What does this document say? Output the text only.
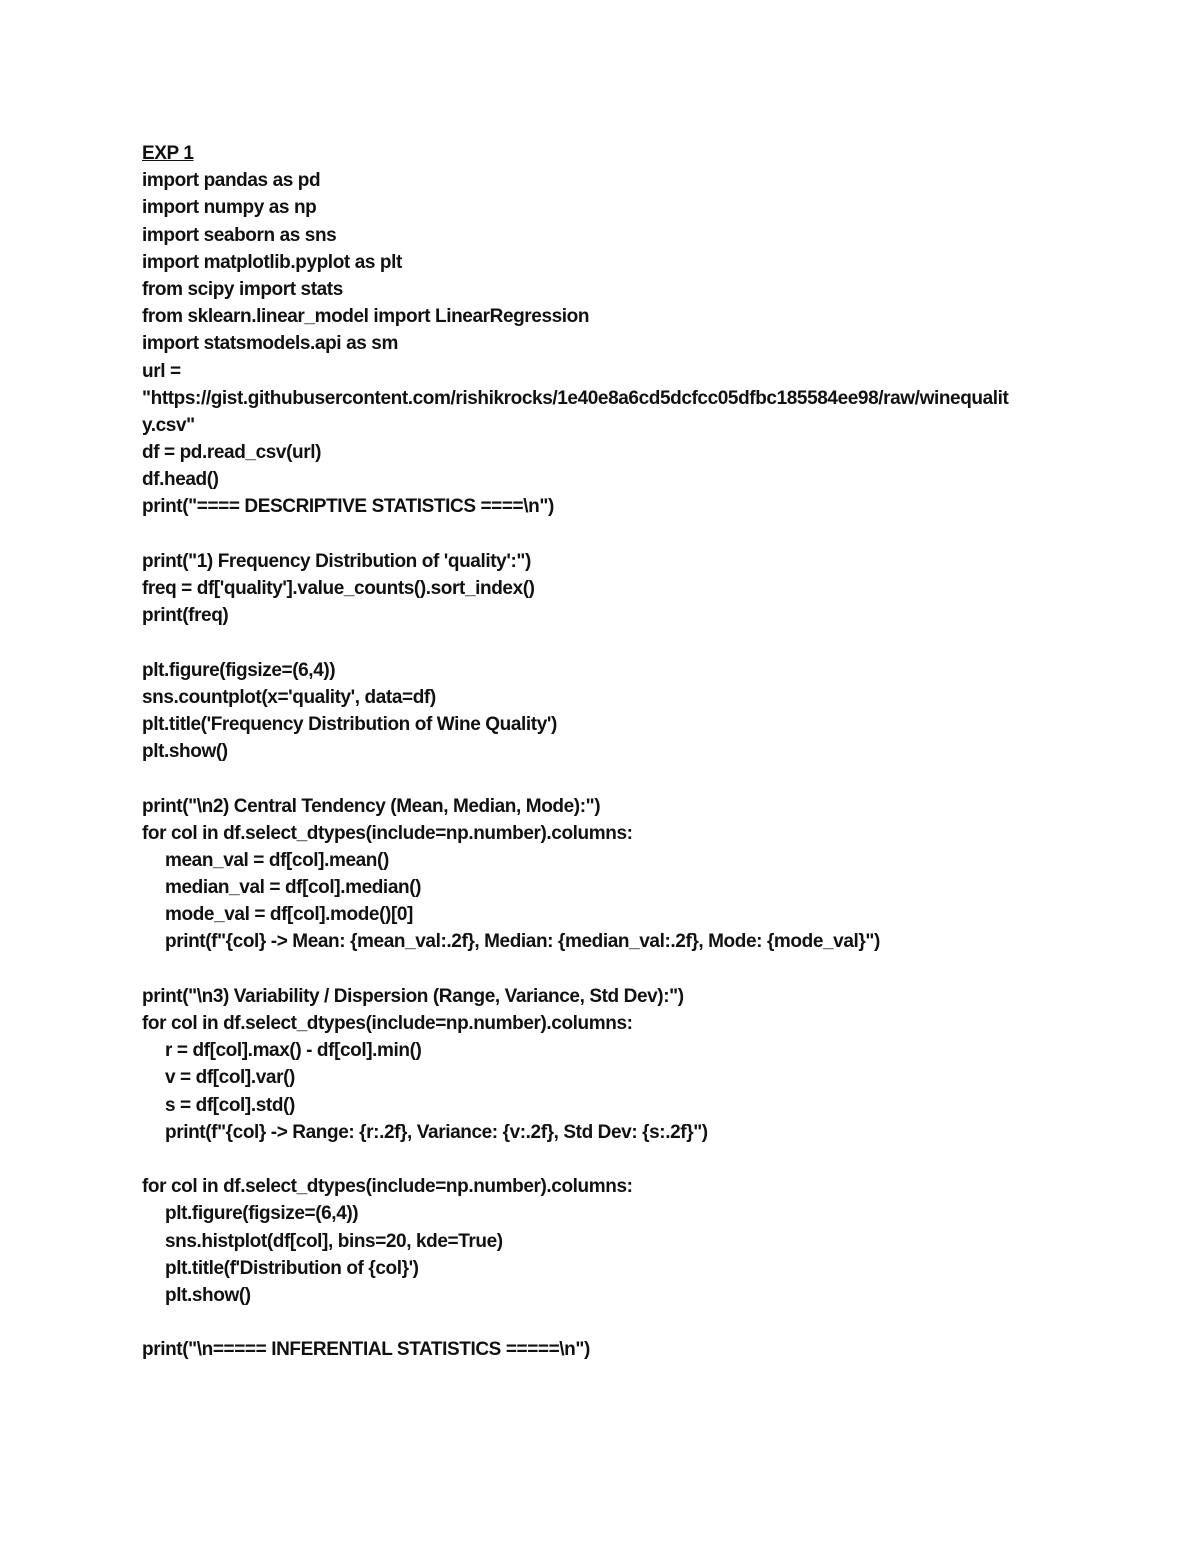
EXP 1
import pandas as pd
import numpy as np
import seaborn as sns
import matplotlib.pyplot as plt
from scipy import stats
from sklearn.linear_model import LinearRegression
import statsmodels.api as sm
url =
"https://gist.githubusercontent.com/rishikrocks/1e40e8a6cd5dcfcc05dfbc185584ee98/raw/winequalit
y.csv"
df = pd.read_csv(url)
df.head()
print("==== DESCRIPTIVE STATISTICS ====\n")
print("1) Frequency Distribution of 'quality':")
freq = df['quality'].value_counts().sort_index()
print(freq)
plt.figure(figsize=(6,4))
sns.countplot(x='quality', data=df)
plt.title('Frequency Distribution of Wine Quality')
plt.show()
print("\n2) Central Tendency (Mean, Median, Mode):")
for col in df.select_dtypes(include=np.number).columns:
mean_val = df[col].mean()
median_val = df[col].median()
mode_val = df[col].mode()[0]
print(f"{col} -> Mean: {mean_val:.2f}, Median: {median_val:.2f}, Mode: {mode_val}")
print("\n3) Variability / Dispersion (Range, Variance, Std Dev):")
for col in df.select_dtypes(include=np.number).columns:
r = df[col].max() - df[col].min()
v = df[col].var()
s = df[col].std()
print(f"{col} -> Range: {r:.2f}, Variance: {v:.2f}, Std Dev: {s:.2f}")
for col in df.select_dtypes(include=np.number).columns:
plt.figure(figsize=(6,4))
sns.histplot(df[col], bins=20, kde=True)
plt.title(f'Distribution of {col}')
plt.show()
print("\n===== INFERENTIAL STATISTICS =====\n")
